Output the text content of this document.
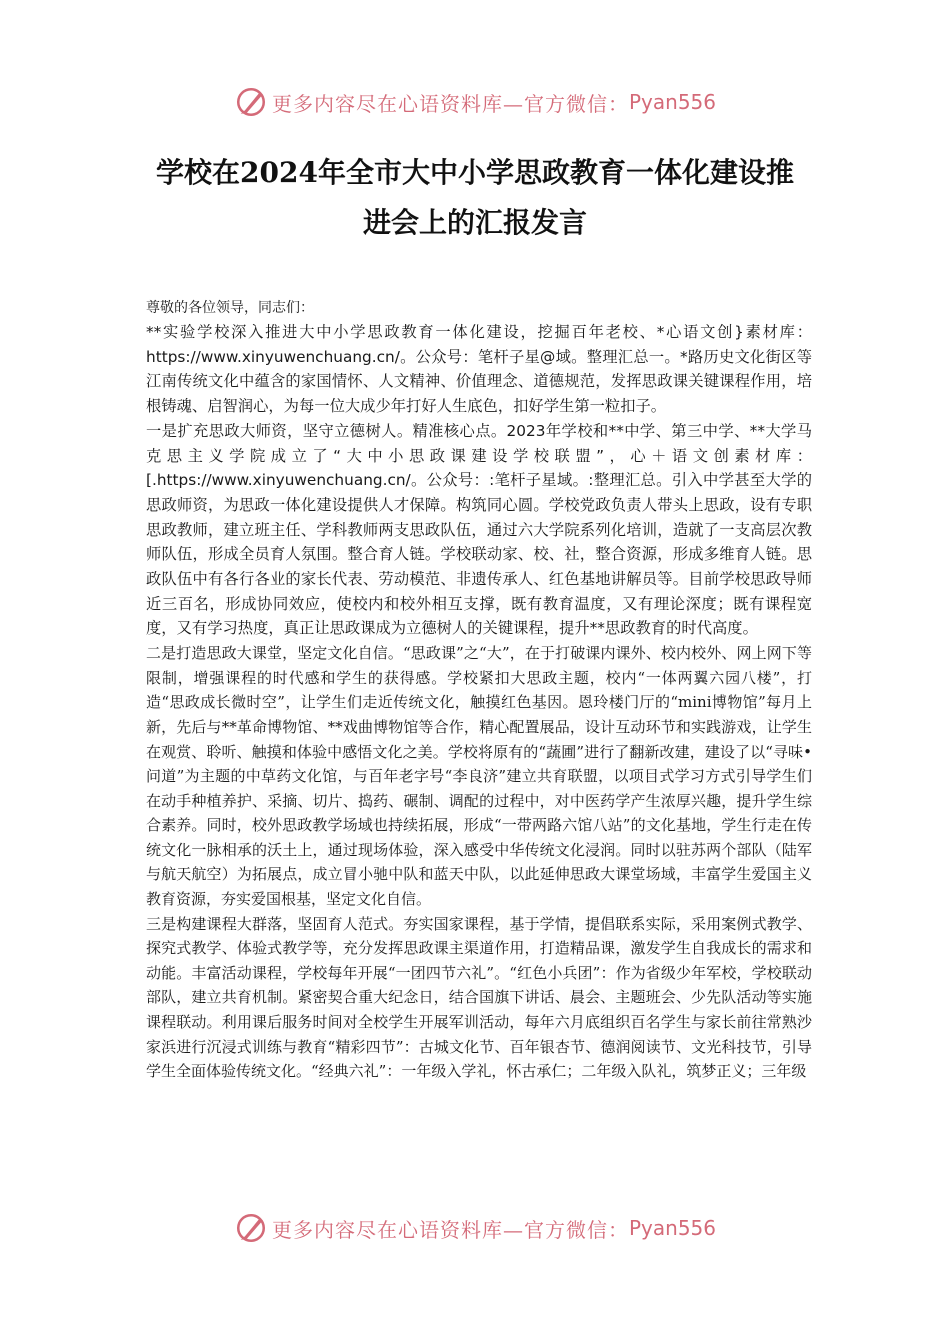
更多内容尽在心语资料库—官方微信： Pyan556
学校在2024年全市大中小学思政教育一体化建设推
进会上的汇报发言

尊敬的各位领导，同志们：

**实验学校深入推进大中小学思政教育一体化建设，挖掘百年老校、*心语文创}素材库：https://www.xinyuwenchuang.cn/。公众号：笔杆子星@域。整理汇总一。*路历史文化街区等江南传统文化中蕴含的家国情怀、人文精神、价值理念、道德规范，发挥思政课关键课程作用，培根铸魂、启智润心，为每一位大成少年打好人生底色，扣好学生第一粒扣子。

一是扩充思政大师资，坚守立德树人。精准核心点。2023年学校和**中学、第三中学、**大学马克思主义学院成立了“大中小思政课建设学校联盟”，心＋语文创素材库：[.https://www.xinyuwenchuang.cn/。公众号：:笔杆子星域。:整理汇总。引入中学甚至大学的思政师资，为思政一体化建设提供人才保障。构筑同心圆。学校党政负责人带头上思政，设有专职思政教师，建立班主任、学科教师两支思政队伍，通过六大学院系列化培训，造就了一支高层次教师队伍，形成全员育人氛围。整合育人链。学校联动家、校、社，整合资源，形成多维育人链。思政队伍中有各行各业的家长代表、劳动模范、非遗传承人、红色基地讲解员等。目前学校思政导师近三百名，形成协同效应，使校内和校外相互支撑，既有教育温度，又有理论深度；既有课程宽度，又有学习热度，真正让思政课成为立德树人的关键课程，提升**思政教育的时代高度。

二是打造思政大课堂，坚定文化自信。“思政课”之“大”，在于打破课内课外、校内校外、网上网下等限制，增强课程的时代感和学生的获得感。学校紧扣大思政主题，校内“一体两翼六园八楼”，打造“思政成长微时空”，让学生们走近传统文化，触摸红色基因。恩玲楼门厅的“mini博物馆”每月上新，先后与**革命博物馆、**戏曲博物馆等合作，精心配置展品，设计互动环节和实践游戏，让学生在观赏、聆听、触摸和体验中感悟文化之美。学校将原有的“蔬圃”进行了翻新改建，建设了以“寻味•问道”为主题的中草药文化馆，与百年老字号“李良济”建立共育联盟，以项目式学习方式引导学生们在动手种植养护、采摘、切片、捣药、碾制、调配的过程中，对中医药学产生浓厚兴趣，提升学生综合素养。同时，校外思政教学场域也持续拓展，形成“一带两路六馆八站”的文化基地，学生行走在传统文化一脉相承的沃土上，通过现场体验，深入感受中华传统文化浸润。同时以驻苏两个部队（陆军与航天航空）为拓展点，成立冒小驰中队和蓝天中队，以此延伸思政大课堂场域，丰富学生爱国主义教育资源，夯实爱国根基，坚定文化自信。

三是构建课程大群落，坚固育人范式。夯实国家课程，基于学情，提倡联系实际，采用案例式教学、探究式教学、体验式教学等，充分发挥思政课主渠道作用，打造精品课，激发学生自我成长的需求和动能。丰富活动课程，学校每年开展“一团四节六礼”。“红色小兵团”：作为省级少年军校，学校联动部队，建立共育机制。紧密契合重大纪念日，结合国旗下讲话、晨会、主题班会、少先队活动等实施课程联动。利用课后服务时间对全校学生开展军训活动，每年六月底组织百名学生与家长前往常熟沙家浜进行沉浸式训练与教育“精彩四节”：古城文化节、百年银杏节、德润阅读节、文光科技节，引导学生全面体验传统文化。“经典六礼”：一年级入学礼，怀古承仁；二年级入队礼，筑梦正义；三年级

更多内容尽在心语资料库—官方微信： Pyan556
